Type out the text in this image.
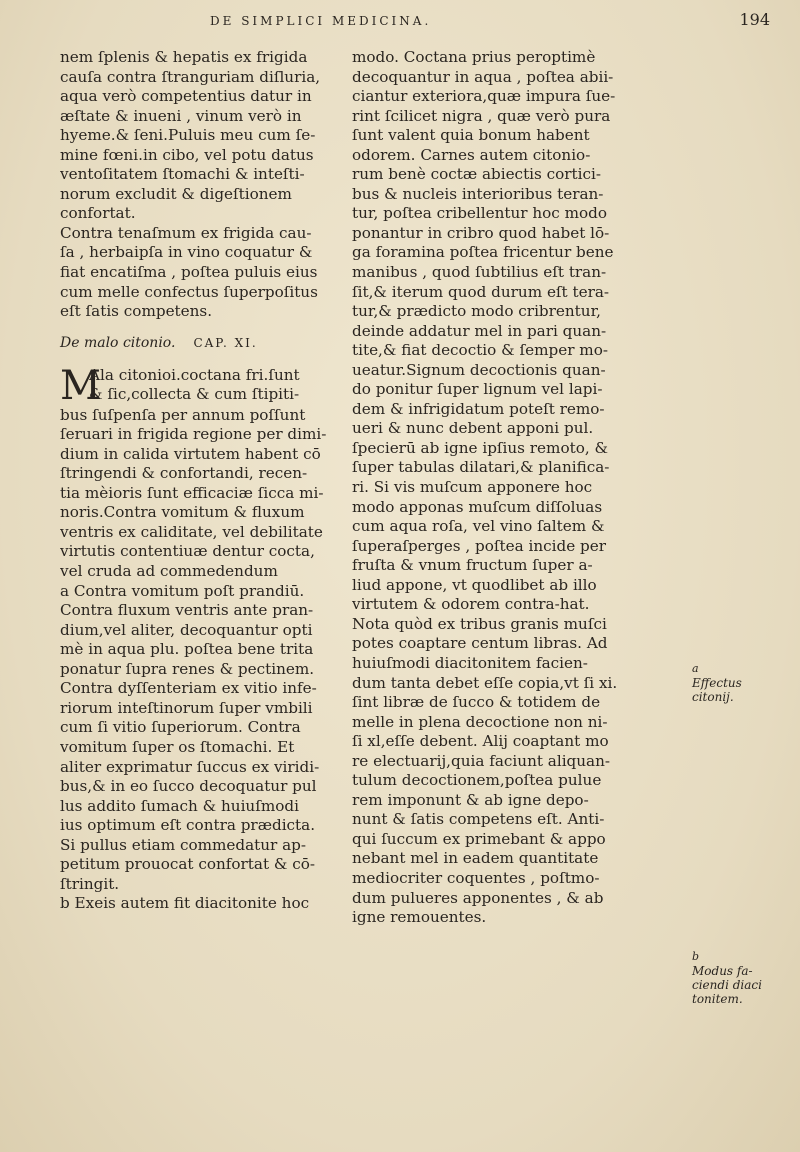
DE SIMPLICI MEDICINA.	194
nem ſplenis & hepatis ex frigida
cauſa contra ſtranguriam diſluria,
aqua verò competentius datur in
æſtate & inueni , vinum verò in
hyeme.& ſeni.Puluis meu cum ſe-
mine fœni.in cibo, vel potu datus
ventoſitatem ſtomachi & inteſti-
norum excludit & digeſtionem
confortat.
Contra tenaſmum ex frigida cau-
ſa , herbaipſa in vino coquatur &
fiat encatiſma , poſtea puluis eius
cum melle confectus ſuperpoſitus
eſt ſatis competens.
De malo citonio. CAP. XI.
M
Ala citonioi.coctana fri.ſunt
& ſic,collecta & cum ſtipiti-
bus ſuſpenſa per annum poſſunt
ſeruari in frigida regione per dimi-
dium in calida virtutem habent cō
ſtringendi & confortandi, recen-
tia mèioris ſunt efficaciæ ſicca mi-
noris.Contra vomitum & fluxum
ventris ex caliditate, vel debilitate
virtutis contentiuæ dentur cocta,
vel cruda ad commedendum
a Contra vomitum poſt prandiū.
Contra fluxum ventris ante pran-
dium,vel aliter, decoquantur opti
mè in aqua plu. poſtea bene trita
ponatur ſupra renes & pectinem.
Contra dyſſenteriam ex vitio infe-
riorum inteſtinorum ſuper vmbili
cum ſi vitio ſuperiorum. Contra
vomitum ſuper os ſtomachi. Et
aliter exprimatur ſuccus ex viridi-
bus,& in eo ſucco decoquatur pul
lus addito ſumach & huiuſmodi
ius optimum eſt contra prædicta.
Si pullus etiam commedatur ap-
petitum prouocat confortat & cō-
ſtringit.
b Exeis autem fit diacitonite hoc
modo. Coctana prius peroptimè
decoquantur in aqua , poſtea abii-
ciantur exteriora,quæ impura ſue-
rint ſcilicet nigra , quæ verò pura
ſunt valent quia bonum habent
odorem. Carnes autem citonio-
rum benè coctæ abiectis cortici-
bus & nucleis interioribus teran-
tur, poſtea cribellentur hoc modo
ponantur in cribro quod habet lō-
ga foramina poſtea fricentur bene
manibus , quod ſubtilius eſt tran-
ſit,& iterum quod durum eſt tera-
tur,& prædicto modo cribrentur,
deinde addatur mel in pari quan-
tite,& fiat decoctio & ſemper mo-
ueatur.Signum decoctionis quan-
do ponitur ſuper lignum vel lapi-
dem & infrigidatum poteſt remo-
ueri & nunc debent apponi pul.
ſpecierū ab igne ipſius remoto, &
ſuper tabulas dilatari,& planifica-
ri. Si vis muſcum apponere hoc
modo apponas muſcum diſſoluas
cum aqua roſa, vel vino ſaltem &
ſuperaſperges , poſtea incide per
fruſta & vnum fructum ſuper a-
liud appone, vt quodlibet ab illo
virtutem & odorem contra-hat.
Nota quòd ex tribus granis muſci
potes coaptare centum libras. Ad
huiuſmodi diacitonitem facien-
dum tanta debet eſſe copia,vt ſi xi.
ſint libræ de ſucco & totidem de
melle in plena decoctione non ni-
ſi xl,eſſe debent. Alij coaptant mo
re electuarij,quia faciunt aliquan-
tulum decoctionem,poſtea pulue
rem imponunt & ab igne depo-
nunt & ſatis competens eſt. Anti-
qui ſuccum ex primebant & appo
nebant mel in eadem quantitate
mediocriter coquentes , poſtmo-
dum pulueres apponentes , & ab
igne remouentes.
a
Effectus
citonij.
b
Modus fa-
ciendi diaci
tonitem.
